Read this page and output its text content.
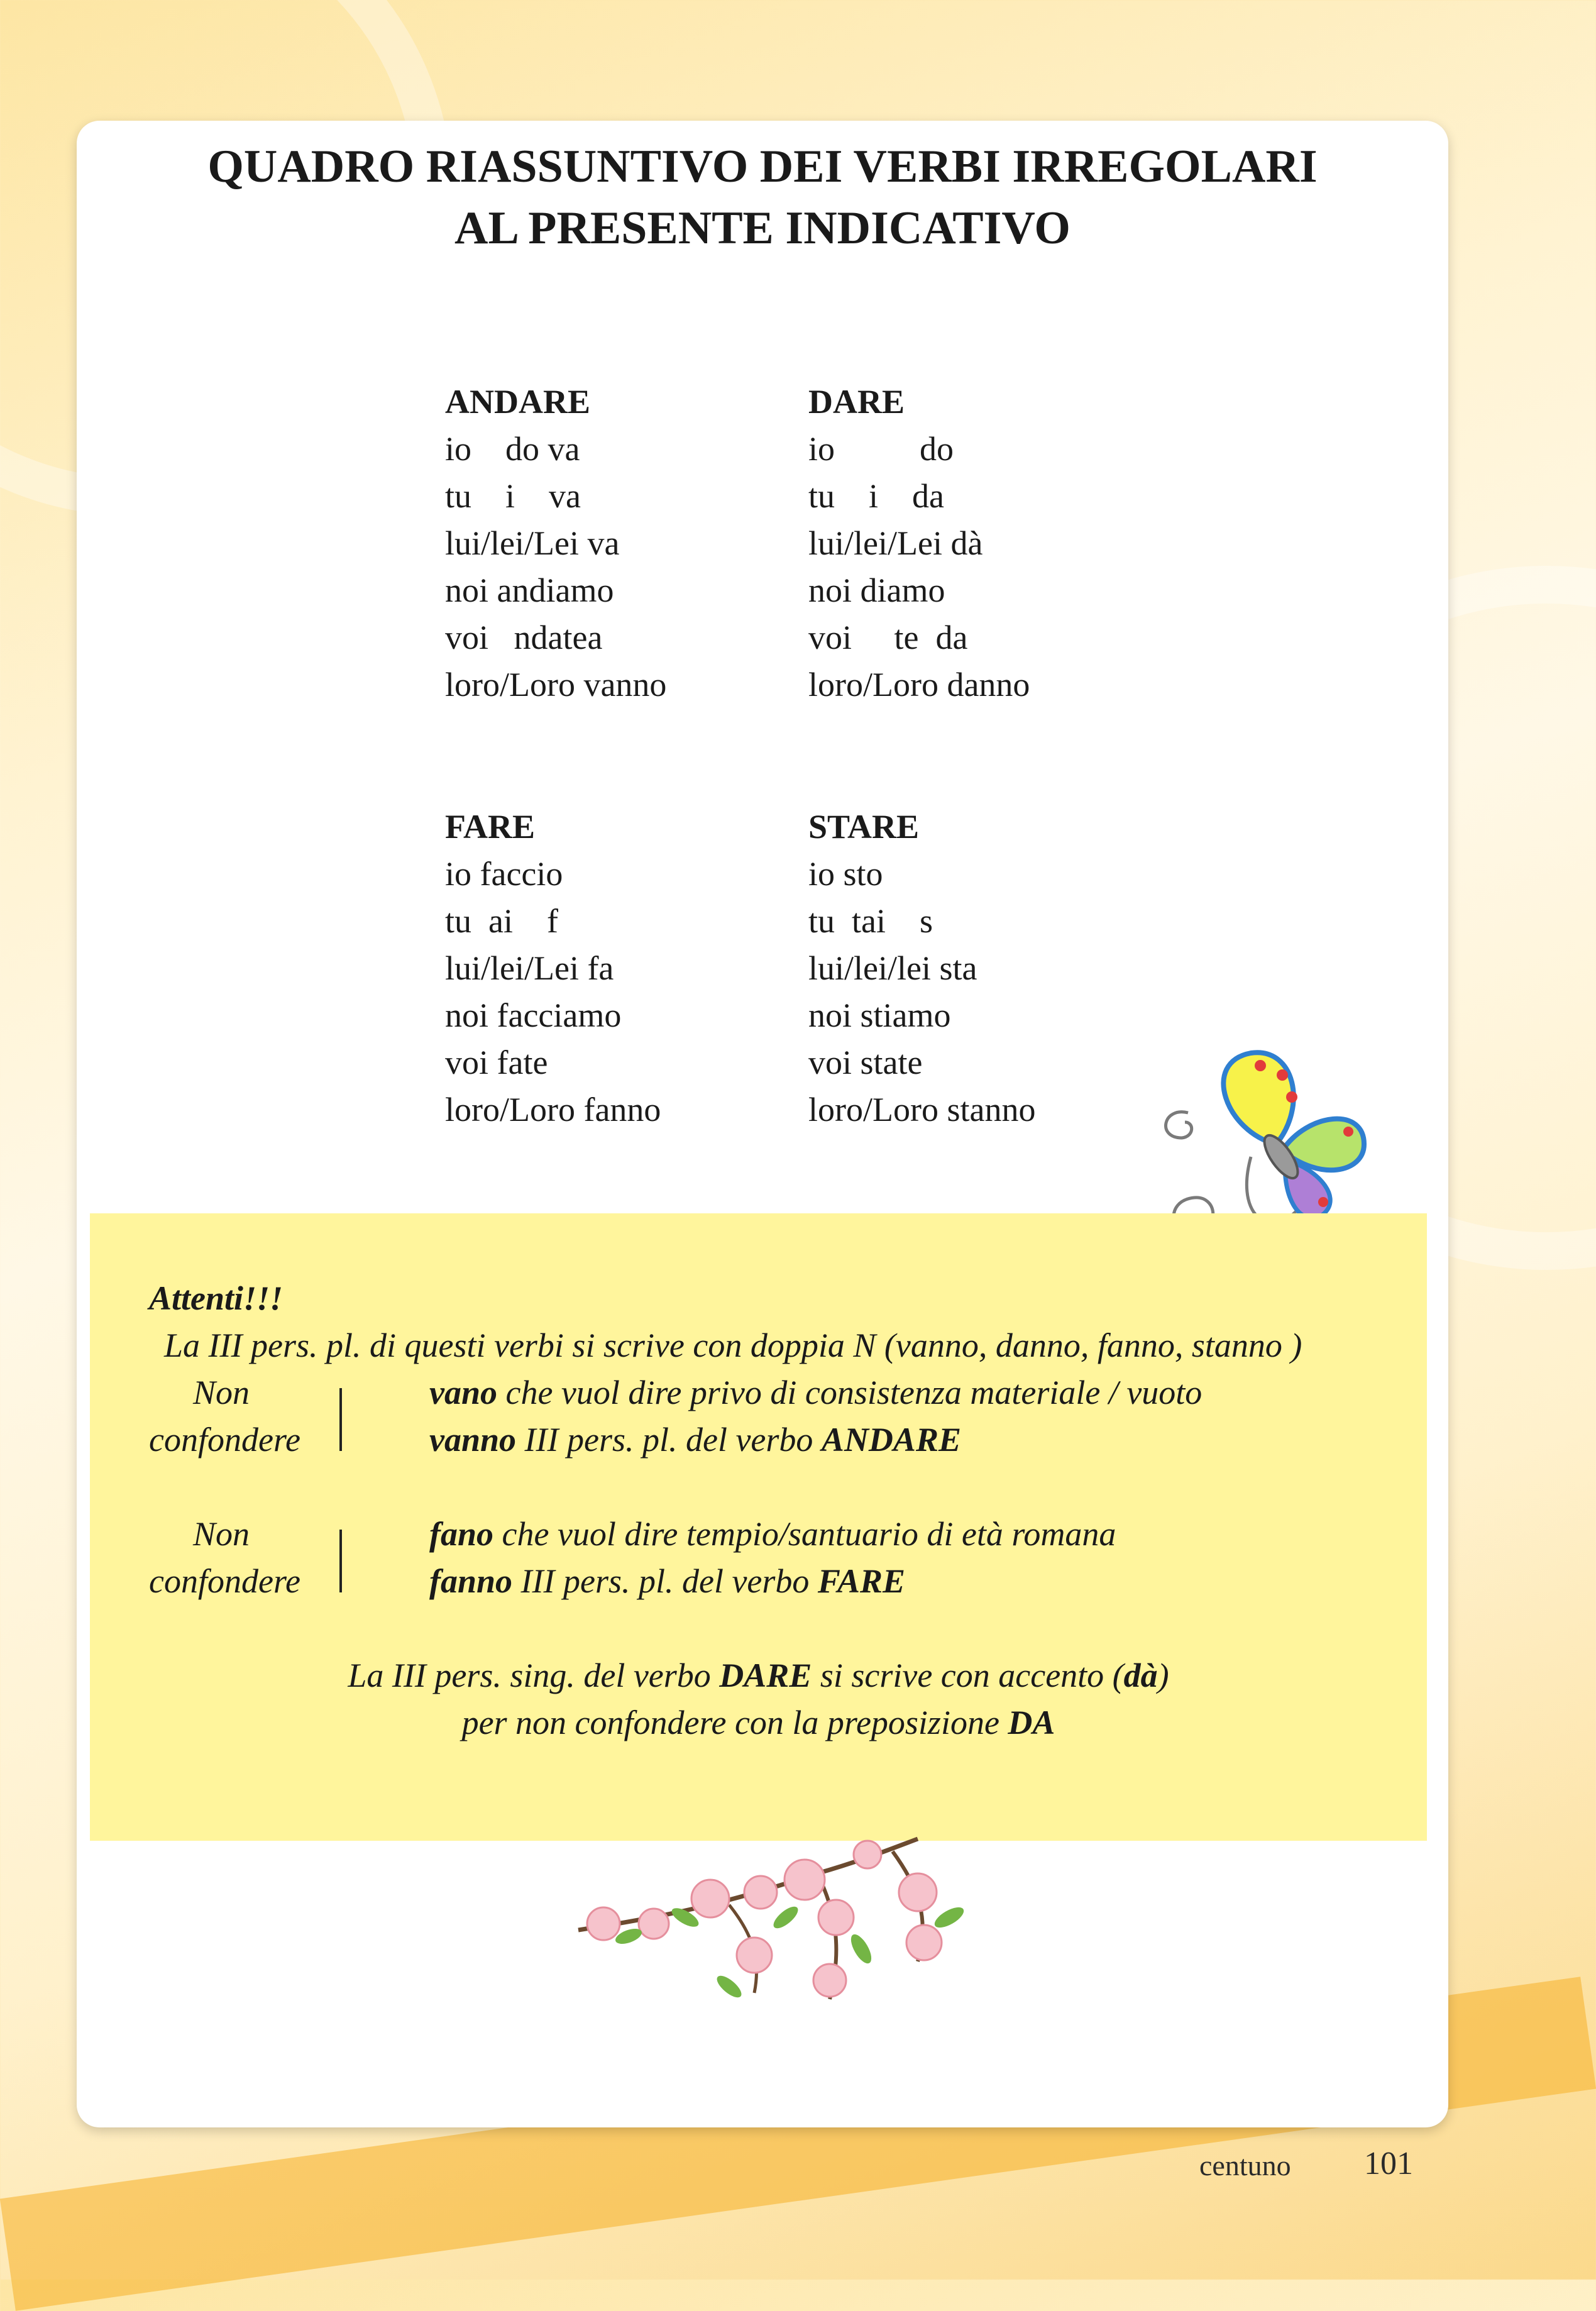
QUADRO RIASSUNTIVO DEI VERBI IRREGOLARI
AL PRESENTE INDICATIVO
ANDARE
io    do va
tu    i    va
lui/lei/Lei va
noi andiamo
voi   ndatea
loro/Loro vanno
DARE
io          do
tu    i    da
lui/lei/Lei dà
noi diamo
voi     te  da
loro/Loro danno
FARE
io faccio
tu  ai    f
lui/lei/Lei fa
noi facciamo
voi fate
loro/Loro fanno
STARE
io sto
tu  tai    s
lui/lei/lei sta
noi stiamo
voi state
loro/Loro stanno
Attenti!!!
La III pers. pl. di questi verbi si scrive con doppia N (vanno, danno, fanno, stanno )
Non
confondere
vano che vuol dire privo di consistenza materiale / vuoto
vanno III pers. pl. del verbo ANDARE
Non
confondere
fano che vuol dire tempio/santuario di età romana
fanno III pers. pl. del verbo FARE
La III pers. sing. del verbo DARE si scrive con accento (dà)
per non confondere con la preposizione DA
centuno 101
